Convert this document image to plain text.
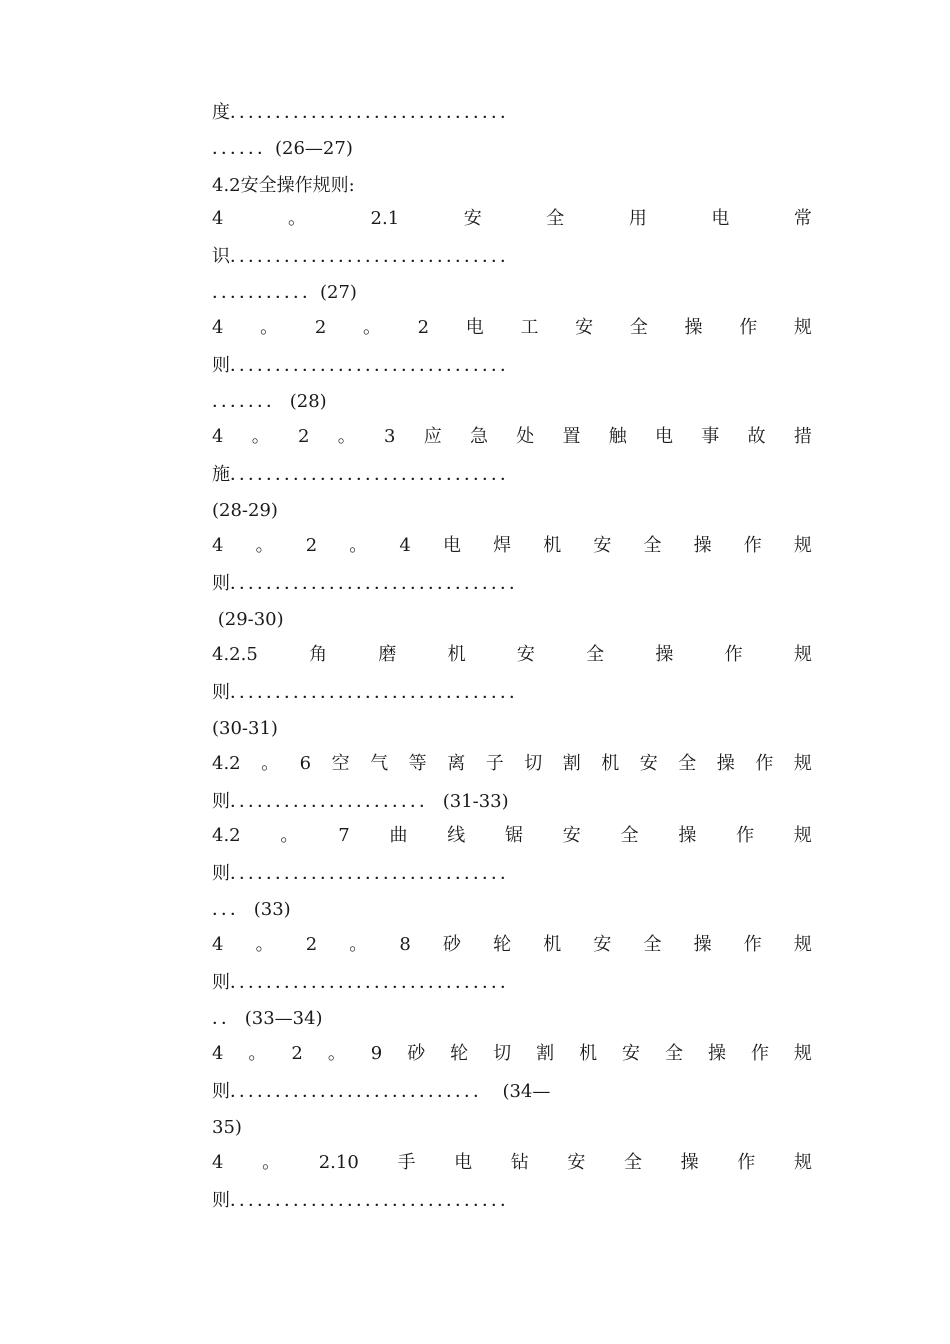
度．．．．．．．．．．．．．．．．．．．．．．．．．．．．．．．
．．．．．．(26—27)
4.2安全操作规则:
4	。	2.1	安	全	用	电	常
识．．．．．．．．．．．．．．．．．．．．．．．．．．．．．．．
．．．．．．．．．．．(27)
4 。 2 。 2 电 工 安 全 操 作 规
则．．．．．．．．．．．．．．．．．．．．．．．．．．．．．．．
．．．．．．． (28)
4 。 2 。 3 应 急 处 置 触 电 事 故 措
施．．．．．．．．．．．．．．．．．．．．．．．．．．．．．．．
(28-29)
4 。 2 。 4 电 焊 机 安 全 操 作 规
则．．．．．．．．．．．．．．．．．．．．．．．．．．．．．．．．
(29-30)
4.2.5	角	磨	机	安	全	操	作	规
则．．．．．．．．．．．．．．．．．．．．．．．．．．．．．．．．
(30-31)
4.2 。 6 空 气 等 离 子 切 割 机 安 全 操 作 规
则．．．．．．．．．．．．．．．．．．．．．． (31-33)
4.2 。 7 曲 线 锯 安 全 操 作 规
则．．．．．．．．．．．．．．．．．．．．．．．．．．．．．．．
．．． (33)
4 。 2 。 8 砂 轮 机 安 全 操 作 规
则．．．．．．．．．．．．．．．．．．．．．．．．．．．．．．．
．． (33—34)
4 。 2 。 9 砂 轮 切 割 机 安 全 操 作 规
则．．．．．．．．．．．．．．．．．．．．．．．．．．．．  (34—
35)
4 。 2.10 手 电 钻 安 全 操 作 规
则．．．．．．．．．．．．．．．．．．．．．．．．．．．．．．．
